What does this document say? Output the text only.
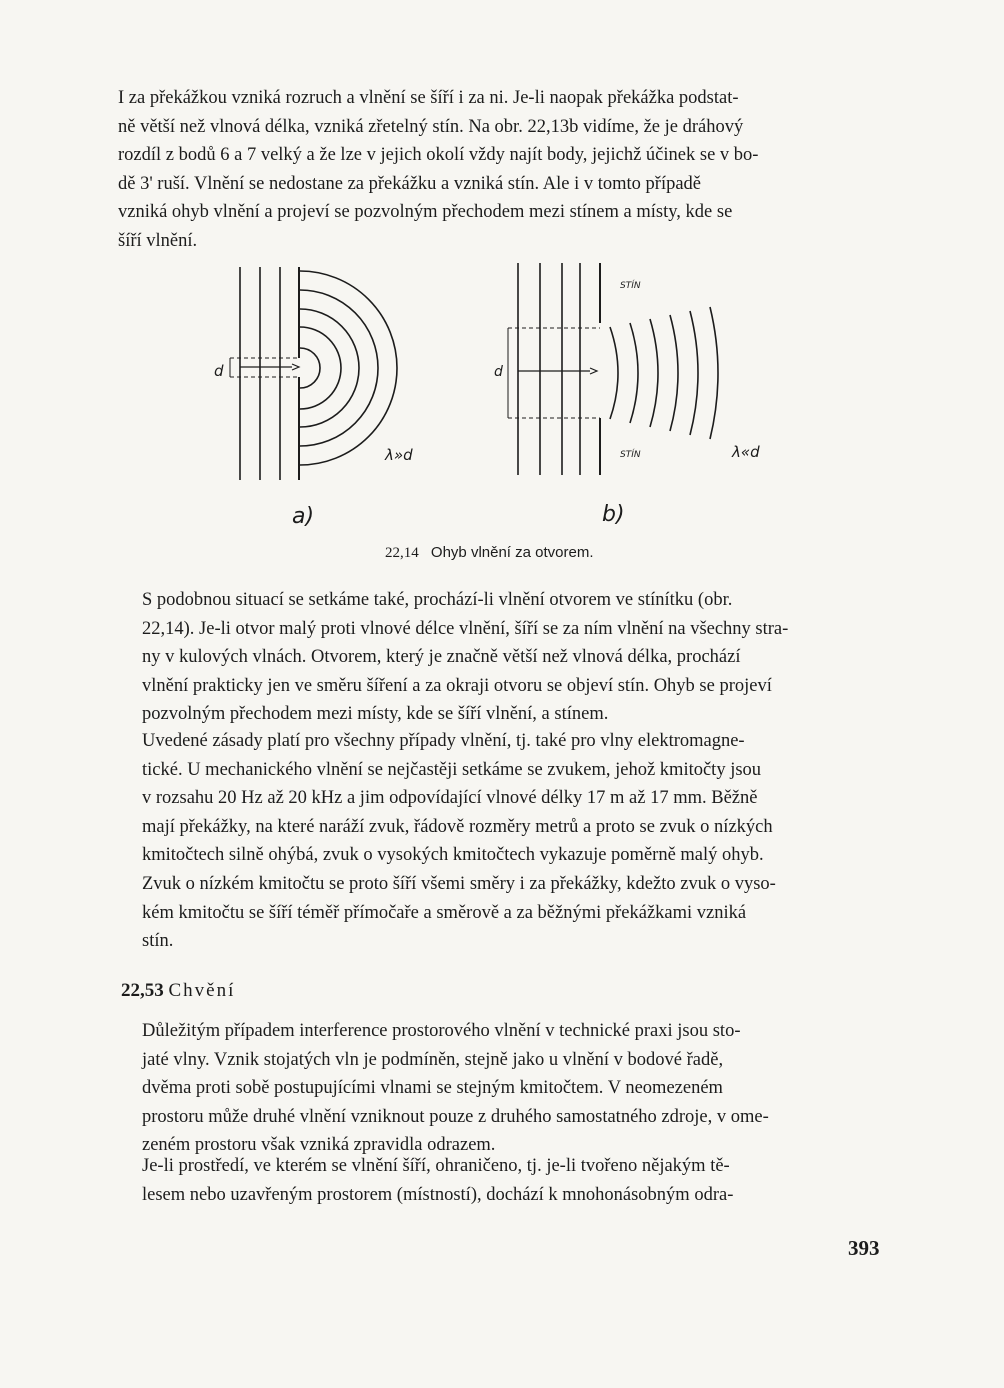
I za překážkou vzniká rozruch a vlnění se šíří i za ni. Je-li naopak překážka podstat-
ně větší než vlnová délka, vzniká zřetelný stín. Na obr. 22,13b vidíme, že je dráhový
rozdíl z bodů 6 a 7 velký a že lze v jejich okolí vždy najít body, jejichž účinek se v bo-
dě 3' ruší. Vlnění se nedostane za překážku a vzniká stín. Ale i v tomto případě
vzniká ohyb vlnění a projeví se pozvolným přechodem mezi stínem a místy, kde se
šíří vlnění.

d
λ»d
a)
d
STÍN
STÍN	λ«d
b)
22,14 Ohyb vlnění za otvorem.

S podobnou situací se setkáme také, prochází-li vlnění otvorem ve stínítku (obr.
22,14). Je-li otvor malý proti vlnové délce vlnění, šíří se za ním vlnění na všechny stra-
ny v kulových vlnách. Otvorem, který je značně větší než vlnová délka, prochází
vlnění prakticky jen ve směru šíření a za okraji otvoru se objeví stín. Ohyb se projeví
pozvolným přechodem mezi místy, kde se šíří vlnění, a stínem.

Uvedené zásady platí pro všechny případy vlnění, tj. také pro vlny elektromagne-
tické. U mechanického vlnění se nejčastěji setkáme se zvukem, jehož kmitočty jsou
v rozsahu 20 Hz až 20 kHz a jim odpovídající vlnové délky 17 m až 17 mm. Běžně
mají překážky, na které naráží zvuk, řádově rozměry metrů a proto se zvuk o nízkých
kmitočtech silně ohýbá, zvuk o vysokých kmitočtech vykazuje poměrně malý ohyb.
Zvuk o nízkém kmitočtu se proto šíří všemi směry i za překážky, kdežto zvuk o vyso-
kém kmitočtu se šíří téměř přímočaře a směrově a za běžnými překážkami vzniká
stín.

22,53 Chvění

Důležitým případem interference prostorového vlnění v technické praxi jsou sto-
jaté vlny. Vznik stojatých vln je podmíněn, stejně jako u vlnění v bodové řadě,
dvěma proti sobě postupujícími vlnami se stejným kmitočtem. V neomezeném
prostoru může druhé vlnění vzniknout pouze z druhého samostatného zdroje, v ome-
zeném prostoru však vzniká zpravidla odrazem.

Je-li prostředí, ve kterém se vlnění šíří, ohraničeno, tj. je-li tvořeno nějakým tě-
lesem nebo uzavřeným prostorem (místností), dochází k mnohonásobným odra-

393
